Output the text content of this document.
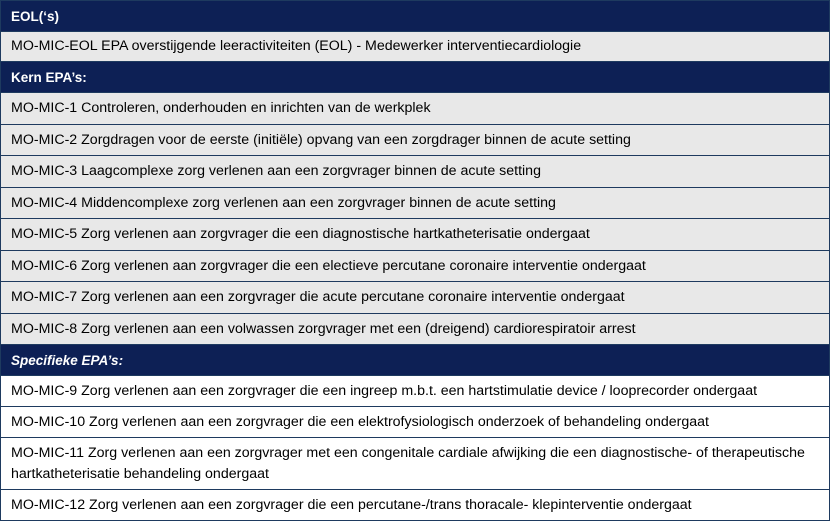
EOL(‘s)
MO-MIC-EOL EPA overstijgende leeractiviteiten (EOL) - Medewerker interventiecardiologie
Kern EPA’s:
MO-MIC-1 Controleren, onderhouden en inrichten van de werkplek
MO-MIC-2 Zorgdragen voor de eerste (initiële) opvang van een zorgdrager binnen de acute setting
MO-MIC-3 Laagcomplexe zorg verlenen aan een zorgvrager binnen de acute setting
MO-MIC-4 Middencomplexe zorg verlenen aan een zorgvrager binnen de acute setting
MO-MIC-5 Zorg verlenen aan zorgvrager die een diagnostische hartkatheterisatie ondergaat
MO-MIC-6 Zorg verlenen aan zorgvrager die een electieve percutane coronaire interventie ondergaat
MO-MIC-7 Zorg verlenen aan een zorgvrager die acute percutane coronaire interventie ondergaat
MO-MIC-8 Zorg verlenen aan een volwassen zorgvrager met een (dreigend) cardiorespiratoir arrest
Specifieke EPA’s:
MO-MIC-9 Zorg verlenen aan een zorgvrager die een ingreep m.b.t. een hartstimulatie device / looprecorder ondergaat
MO-MIC-10 Zorg verlenen aan een zorgvrager die een elektrofysiologisch onderzoek of behandeling ondergaat
MO-MIC-11 Zorg verlenen aan een zorgvrager met een congenitale cardiale afwijking die een diagnostische- of therapeutische hartkatheterisatie behandeling ondergaat
MO-MIC-12 Zorg verlenen aan een zorgvrager die een percutane-/trans thoracale- klepinterventie ondergaat
